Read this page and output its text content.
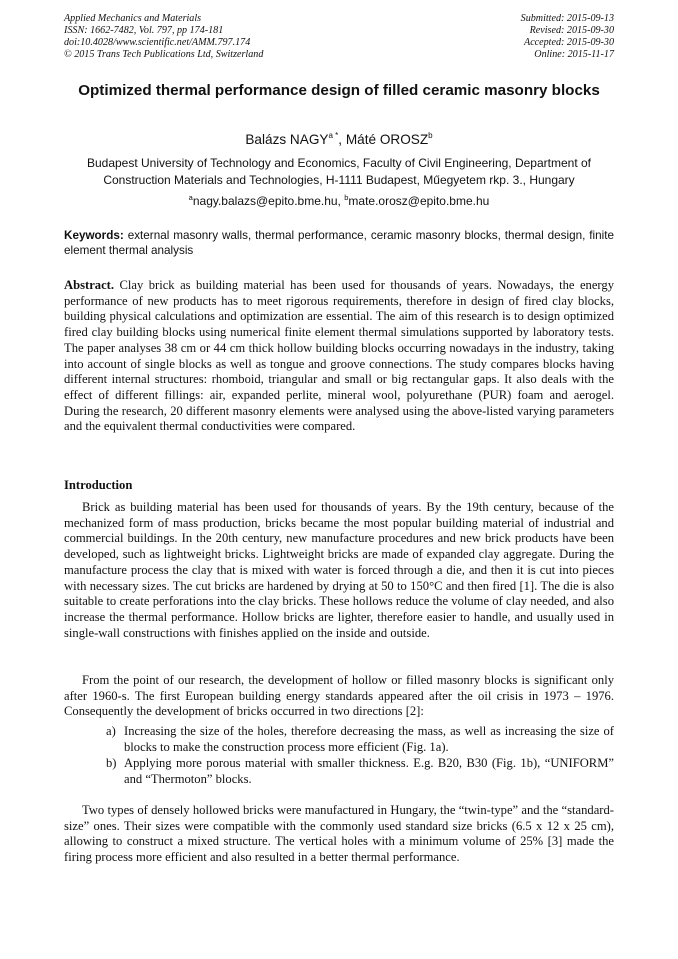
Applied Mechanics and Materials
ISSN: 1662-7482, Vol. 797, pp 174-181
doi:10.4028/www.scientific.net/AMM.797.174
© 2015 Trans Tech Publications Ltd, Switzerland
Submitted: 2015-09-13
Revised: 2015-09-30
Accepted: 2015-09-30
Online: 2015-11-17
Optimized thermal performance design of filled ceramic masonry blocks
Balázs $NAGY^{a *}$, Máté OROSZ$^b$
Budapest University of Technology and Economics, Faculty of Civil Engineering, Department of Construction Materials and Technologies, H-1111 Budapest, Műegyetem rkp. 3., Hungary
$^a$nagy.balazs@epito.bme.hu, $^b$mate.orosz@epito.bme.hu
Keywords: external masonry walls, thermal performance, ceramic masonry blocks, thermal design, finite element thermal analysis
Abstract. Clay brick as building material has been used for thousands of years. Nowadays, the energy performance of new products has to meet rigorous requirements, therefore in design of fired clay blocks, building physical calculations and optimization are essential. The aim of this research is to design optimized fired clay building blocks using numerical finite element thermal simulations supported by laboratory tests. The paper analyses 38 cm or 44 cm thick hollow building blocks occurring nowadays in the industry, taking into account of single blocks as well as tongue and groove connections. The study compares blocks having different internal structures: rhomboid, triangular and small or big rectangular gaps. It also deals with the effect of different fillings: air, expanded perlite, mineral wool, polyurethane (PUR) foam and aerogel. During the research, 20 different masonry elements were analysed using the above-listed varying parameters and the equivalent thermal conductivities were compared.
Introduction
Brick as building material has been used for thousands of years. By the 19th century, because of the mechanized form of mass production, bricks became the most popular building material of industrial and commercial buildings. In the 20th century, new manufacture procedures and new brick products have been developed, such as lightweight bricks. Lightweight bricks are made of expanded clay aggregate. During the manufacture process the clay that is mixed with water is forced through a die, and then it is cut into pieces with necessary sizes. The cut bricks are hardened by drying at 50 to 150°C and then fired [1]. The die is also suitable to create perforations into the clay bricks. These hollows reduce the volume of clay needed, and also increase the thermal performance. Hollow bricks are lighter, therefore easier to handle, and usually used in single-wall constructions with finishes applied on the inside and outside.
From the point of our research, the development of hollow or filled masonry blocks is significant only after 1960-s. The first European building energy standards appeared after the oil crisis in 1973 – 1976. Consequently the development of bricks occurred in two directions [2]:
a) Increasing the size of the holes, therefore decreasing the mass, as well as increasing the size of blocks to make the construction process more efficient (Fig. 1a).
b) Applying more porous material with smaller thickness. E.g. B20, B30 (Fig. 1b), “UNIFORM” and “Thermoton” blocks.
Two types of densely hollowed bricks were manufactured in Hungary, the “twin-type” and the “standard-size” ones. Their sizes were compatible with the commonly used standard size bricks (6.5 x 12 x 25 cm), allowing to construct a mixed structure. The vertical holes with a minimum volume of 25% [3] made the firing process more efficient and also resulted in a better thermal performance.
